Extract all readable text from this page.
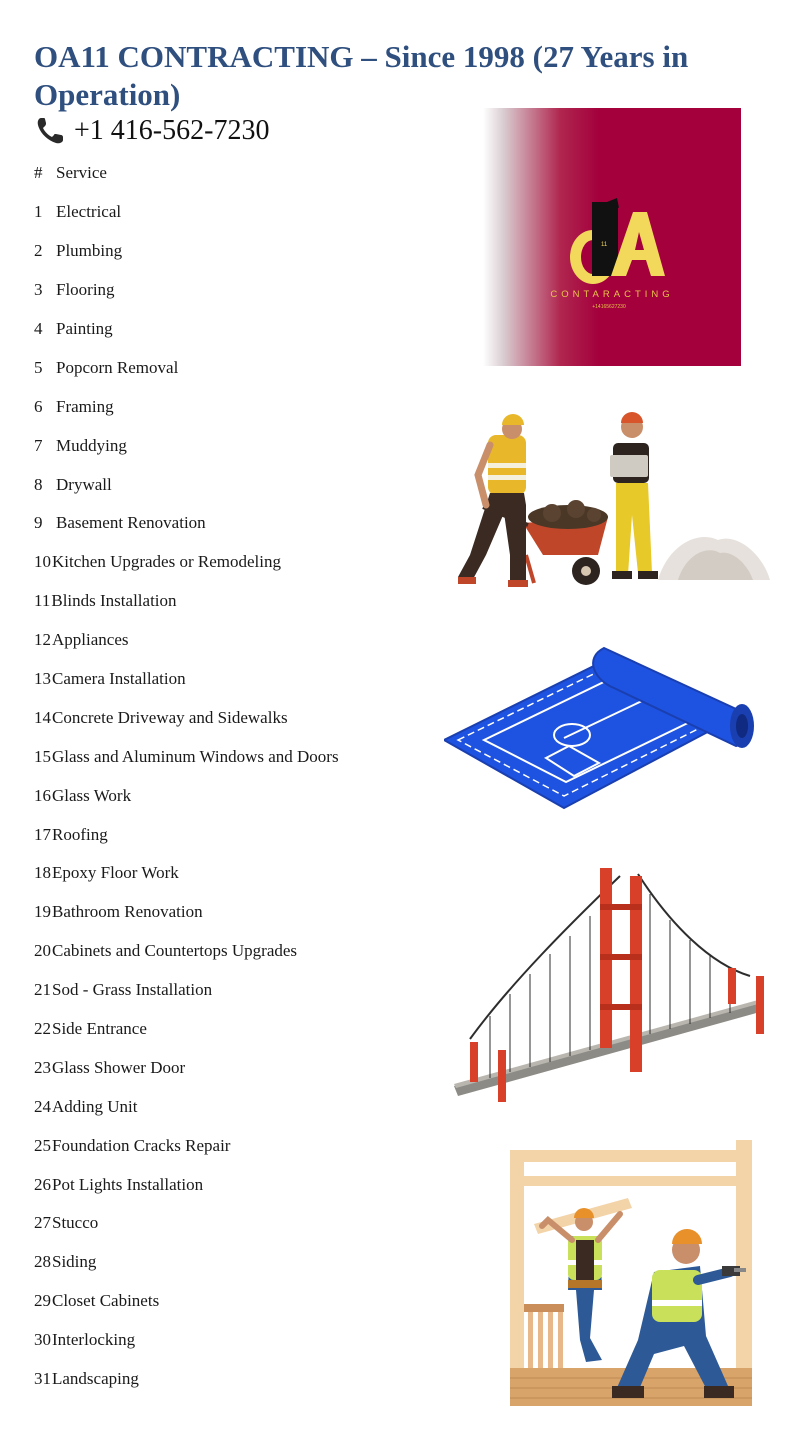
OA11 CONTRACTING – Since 1998 (27 Years in Operation)
+1 416-562-7230
# Service
1 Electrical
2 Plumbing
3 Flooring
4 Painting
5 Popcorn Removal
6 Framing
7 Muddying
8 Drywall
9 Basement Renovation
10 Kitchen Upgrades or Remodeling
11 Blinds Installation
12 Appliances
13 Camera Installation
14 Concrete Driveway and Sidewalks
15 Glass and Aluminum Windows and Doors
16 Glass Work
17 Roofing
18 Epoxy Floor Work
19 Bathroom Renovation
20 Cabinets and Countertops Upgrades
21 Sod - Grass Installation
22 Side Entrance
23 Glass Shower Door
24 Adding Unit
25 Foundation Cracks Repair
26 Pot Lights Installation
27 Stucco
28 Siding
29 Closet Cabinets
30 Interlocking
31 Landscaping
11
CONTARACTING
+14165627230
